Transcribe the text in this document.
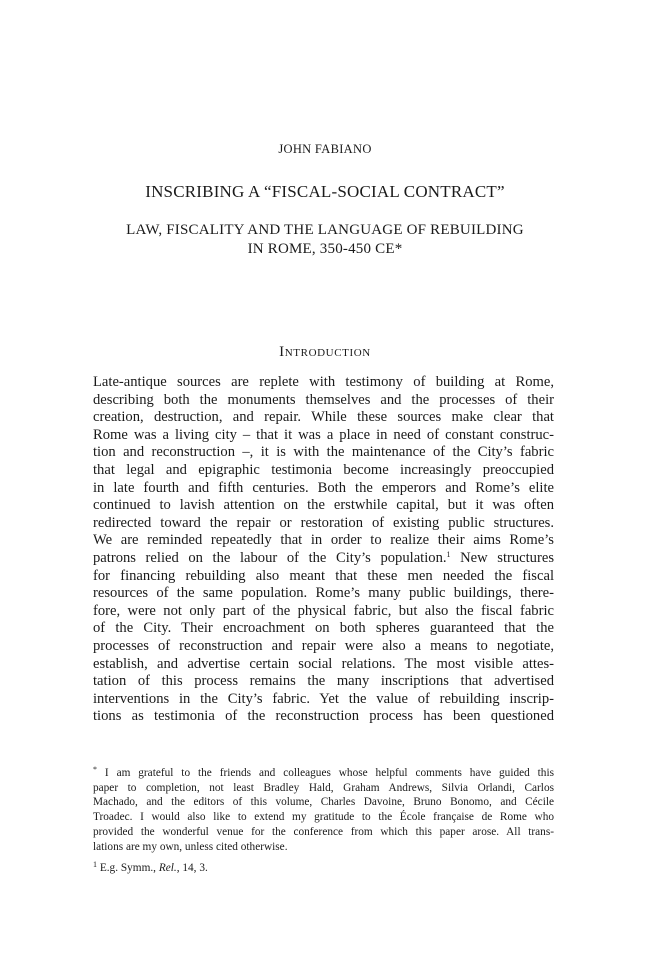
JOHN FABIANO
INSCRIBING A “FISCAL-SOCIAL CONTRACT”
LAW, FISCALITY AND THE LANGUAGE OF REBUILDING
IN ROME, 350-450 CE*
Introduction
Late-antique sources are replete with testimony of building at Rome,
describing both the monuments themselves and the processes of their
creation, destruction, and repair. While these sources make clear that
Rome was a living city – that it was a place in need of constant construc-
tion and reconstruction –, it is with the maintenance of the City’s fabric
that legal and epigraphic testimonia become increasingly preoccupied
in late fourth and fifth centuries. Both the emperors and Rome’s elite
continued to lavish attention on the erstwhile capital, but it was often
redirected toward the repair or restoration of existing public structures.
We are reminded repeatedly that in order to realize their aims Rome’s
patrons relied on the labour of the City’s population.$^1$ New structures
for financing rebuilding also meant that these men needed the fiscal
resources of the same population. Rome’s many public buildings, there-
fore, were not only part of the physical fabric, but also the fiscal fabric
of the City. Their encroachment on both spheres guaranteed that the
processes of reconstruction and repair were also a means to negotiate,
establish, and advertise certain social relations. The most visible attes-
tation of this process remains the many inscriptions that advertised
interventions in the City’s fabric. Yet the value of rebuilding inscrip-
tions as testimonia of the reconstruction process has been questioned
* I am grateful to the friends and colleagues whose helpful comments have guided this
paper to completion, not least Bradley Hald, Graham Andrews, Silvia Orlandi, Carlos
Machado, and the editors of this volume, Charles Davoine, Bruno Bonomo, and Cécile
Troadec. I would also like to extend my gratitude to the École française de Rome who
provided the wonderful venue for the conference from which this paper arose. All trans-
lations are my own, unless cited otherwise.
$^1$ E.g. Symm., Rel., 14, 3.
